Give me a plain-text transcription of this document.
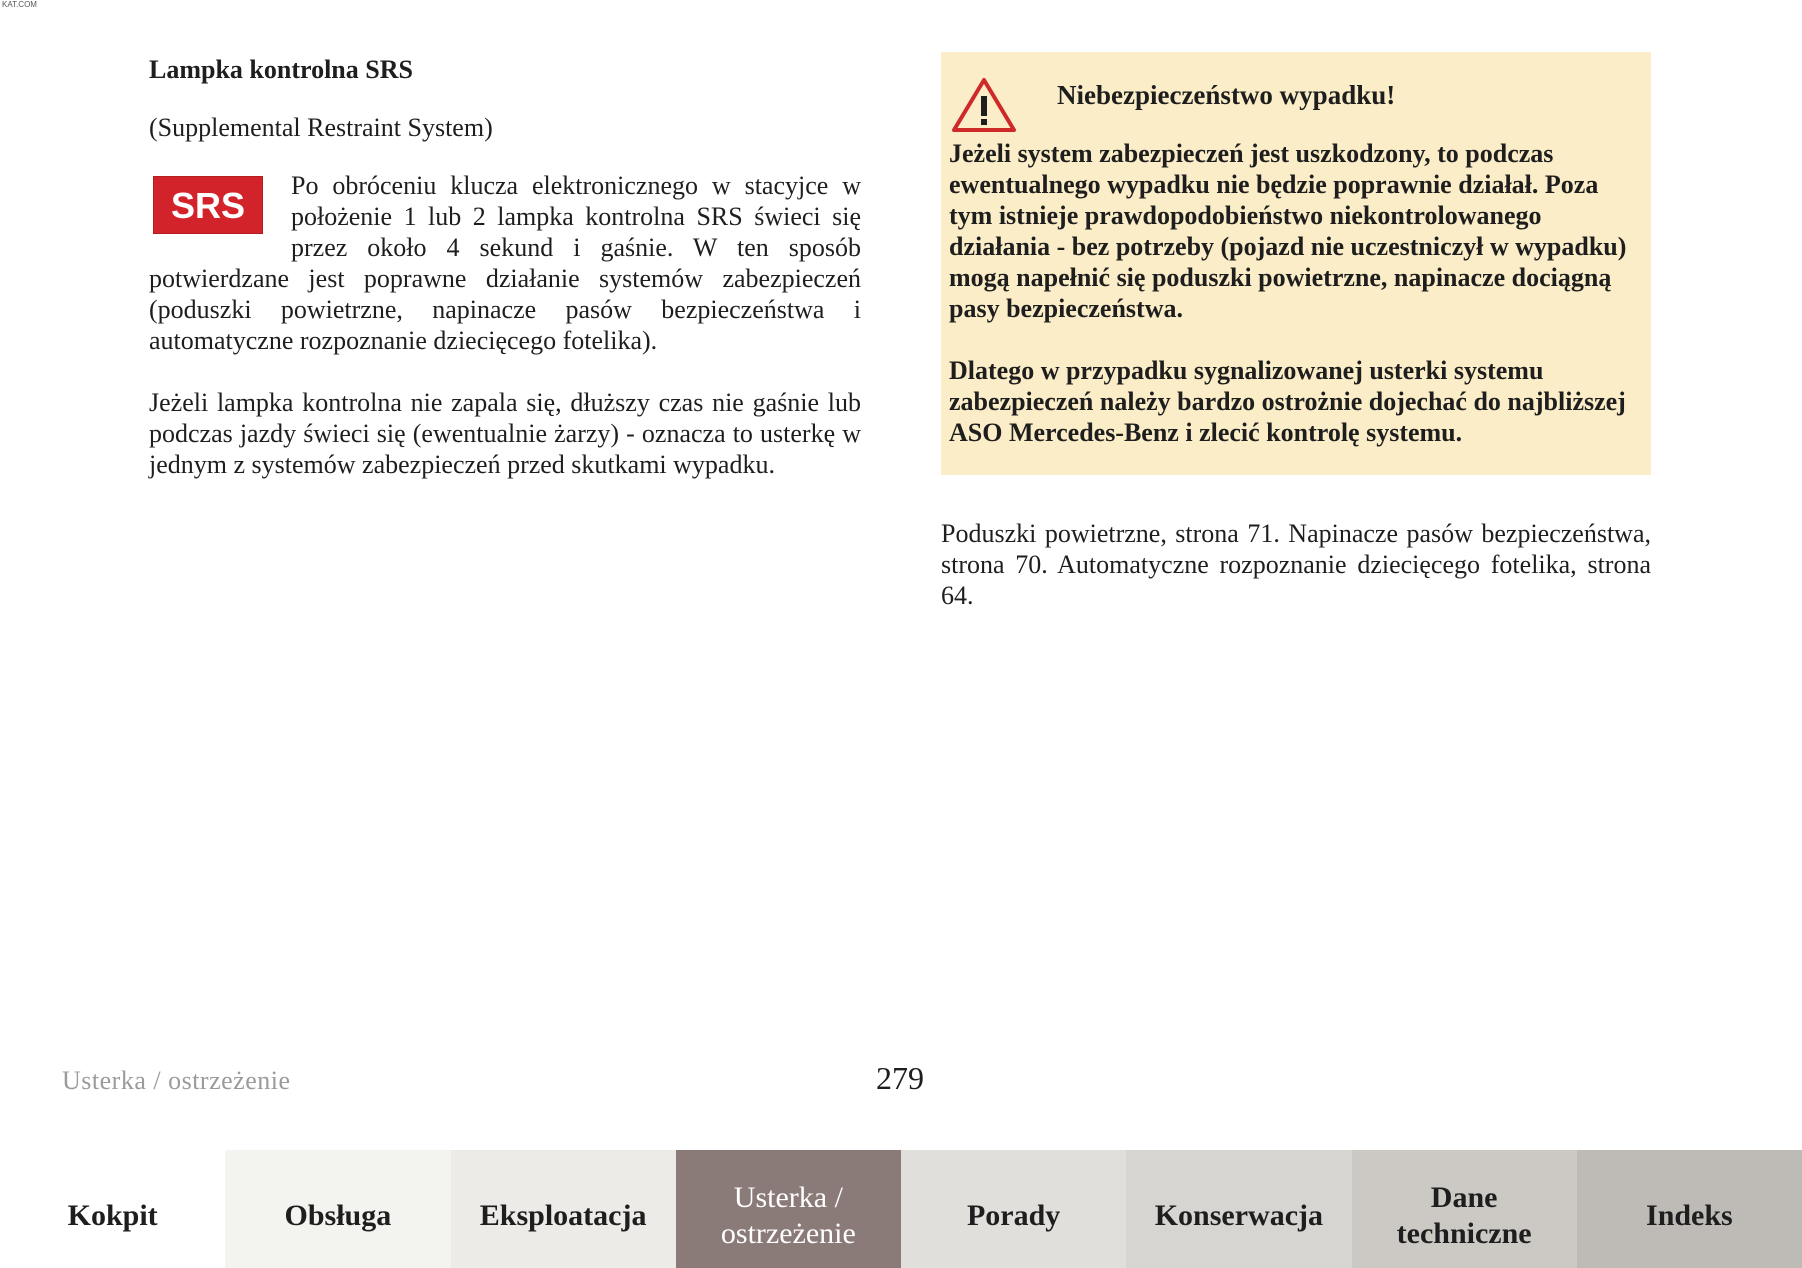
KAT.COM
Lampka kontrolna SRS

(Supplemental Restraint System)

SRS	Po obróceniu klucza elektronicznego w stacyjce w położenie 1 lub 2 lampka kontrolna SRS świeci się przez około 4 sekund i gaśnie. W ten sposób potwierdzane jest poprawne działanie systemów zabezpieczeń (poduszki powietrzne, napinacze pasów bezpieczeństwa i automatyczne rozpoznanie dziecięcego fotelika).

Jeżeli lampka kontrolna nie zapala się, dłuższy czas nie gaśnie lub podczas jazdy świeci się (ewentualnie żarzy) - oznacza to usterkę w jednym z systemów zabezpieczeń przed skutkami wypadku.

Niebezpieczeństwo wypadku!

Jeżeli system zabezpieczeń jest uszkodzony, to podczas ewentualnego wypadku nie będzie poprawnie działał. Poza tym istnieje prawdopodobieństwo niekontrolowanego działania - bez potrzeby (pojazd nie uczestniczył w wypadku) mogą napełnić się poduszki powietrzne, napinacze dociągną pasy bezpieczeństwa.

Dlatego w przypadku sygnalizowanej usterki systemu zabezpieczeń należy bardzo ostrożnie dojechać do najbliższej ASO Mercedes-Benz i zlecić kontrolę systemu.

Poduszki powietrzne, strona 71. Napinacze pasów bezpieczeństwa, strona 70. Automatyczne rozpoznanie dziecięcego fotelika, strona 64.

Usterka / ostrzeżenie	279
Kokpit	Obsługa	Eksploatacja
Usterka /
ostrzeżenie
Porady	Konserwacja
Dane
techniczne
Indeks
